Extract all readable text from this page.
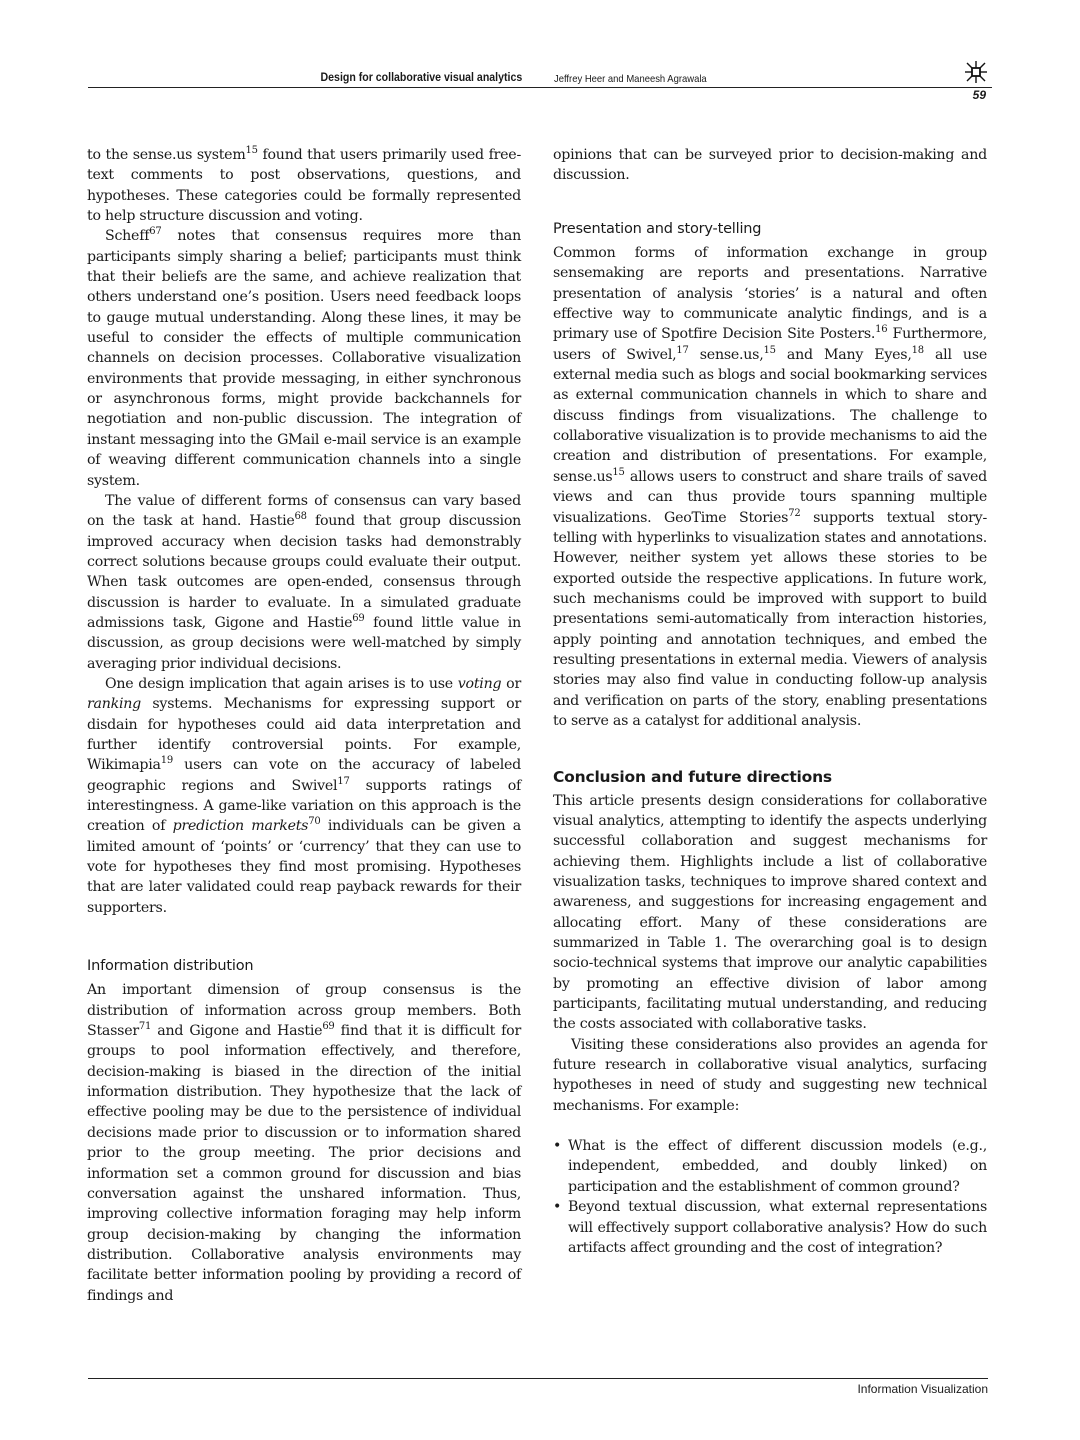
Design for collaborative visual analytics	Jeffrey Heer and Maneesh Agrawala
59

to the sense.us system$^{15}$ found that users primarily used free-text comments to post observations, questions, and hypotheses. These categories could be formally represented to help structure discussion and voting.

Scheff$^{67}$ notes that consensus requires more than participants simply sharing a belief; participants must think that their beliefs are the same, and achieve realization that others understand one’s position. Users need feedback loops to gauge mutual understanding. Along these lines, it may be useful to consider the effects of multiple communication channels on decision processes. Collaborative visualization environments that provide messaging, in either synchronous or asynchronous forms, might provide backchannels for negotiation and non-public discussion. The integration of instant messaging into the GMail e-mail service is an example of weaving different communication channels into a single system.

The value of different forms of consensus can vary based on the task at hand. Hastie$^{68}$ found that group discussion improved accuracy when decision tasks had demonstrably correct solutions because groups could evaluate their output. When task outcomes are open-ended, consensus through discussion is harder to evaluate. In a simulated graduate admissions task, Gigone and Hastie$^{69}$ found little value in discussion, as group decisions were well-matched by simply averaging prior individual decisions.

One design implication that again arises is to use voting or ranking systems. Mechanisms for expressing support or disdain for hypotheses could aid data interpretation and further identify controversial points. For example, Wikimapia$^{19}$ users can vote on the accuracy of labeled geographic regions and Swivel$^{17}$ supports ratings of interestingness. A game-like variation on this approach is the creation of prediction markets$^{70}$ individuals can be given a limited amount of ‘points’ or ‘currency’ that they can use to vote for hypotheses they find most promising. Hypotheses that are later validated could reap payback rewards for their supporters.

Information distribution

An important dimension of group consensus is the distribution of information across group members. Both Stasser$^{71}$ and Gigone and Hastie$^{69}$ find that it is difficult for groups to pool information effectively, and therefore, decision-making is biased in the direction of the initial information distribution. They hypothesize that the lack of effective pooling may be due to the persistence of individual decisions made prior to discussion or to information shared prior to the group meeting. The prior decisions and information set a common ground for discussion and bias conversation against the unshared information. Thus, improving collective information foraging may help inform group decision-making by changing the information distribution. Collaborative analysis environments may facilitate better information pooling by providing a record of findings and

opinions that can be surveyed prior to decision-making and discussion.

Presentation and story-telling

Common forms of information exchange in group sensemaking are reports and presentations. Narrative presentation of analysis ‘stories’ is a natural and often effective way to communicate analytic findings, and is a primary use of Spotfire Decision Site Posters.$^{16}$ Furthermore, users of Swivel,$^{17}$ sense.us,$^{15}$ and Many Eyes,$^{18}$ all use external media such as blogs and social bookmarking services as external communication channels in which to share and discuss findings from visualizations. The challenge to collaborative visualization is to provide mechanisms to aid the creation and distribution of presentations. For example, $sense.us^{15}$ allows users to construct and share trails of saved views and can thus provide tours spanning multiple visualizations. GeoTime Stories$^{72}$ supports textual story-telling with hyperlinks to visualization states and annotations. However, neither system yet allows these stories to be exported outside the respective applications. In future work, such mechanisms could be improved with support to build presentations semi-automatically from interaction histories, apply pointing and annotation techniques, and embed the resulting presentations in external media. Viewers of analysis stories may also find value in conducting follow-up analysis and verification on parts of the story, enabling presentations to serve as a catalyst for additional analysis.

Conclusion and future directions

This article presents design considerations for collaborative visual analytics, attempting to identify the aspects underlying successful collaboration and suggest mechanisms for achieving them. Highlights include a list of collaborative visualization tasks, techniques to improve shared context and awareness, and suggestions for increasing engagement and allocating effort. Many of these considerations are summarized in Table 1. The overarching goal is to design socio-technical systems that improve our analytic capabilities by promoting an effective division of labor among participants, facilitating mutual understanding, and reducing the costs associated with collaborative tasks.

Visiting these considerations also provides an agenda for future research in collaborative visual analytics, surfacing hypotheses in need of study and suggesting new technical mechanisms. For example:

• What is the effect of different discussion models (e.g., independent, embedded, and doubly linked) on participation and the establishment of common ground?
• Beyond textual discussion, what external representations will effectively support collaborative analysis? How do such artifacts affect grounding and the cost of integration?
Information Visualization
